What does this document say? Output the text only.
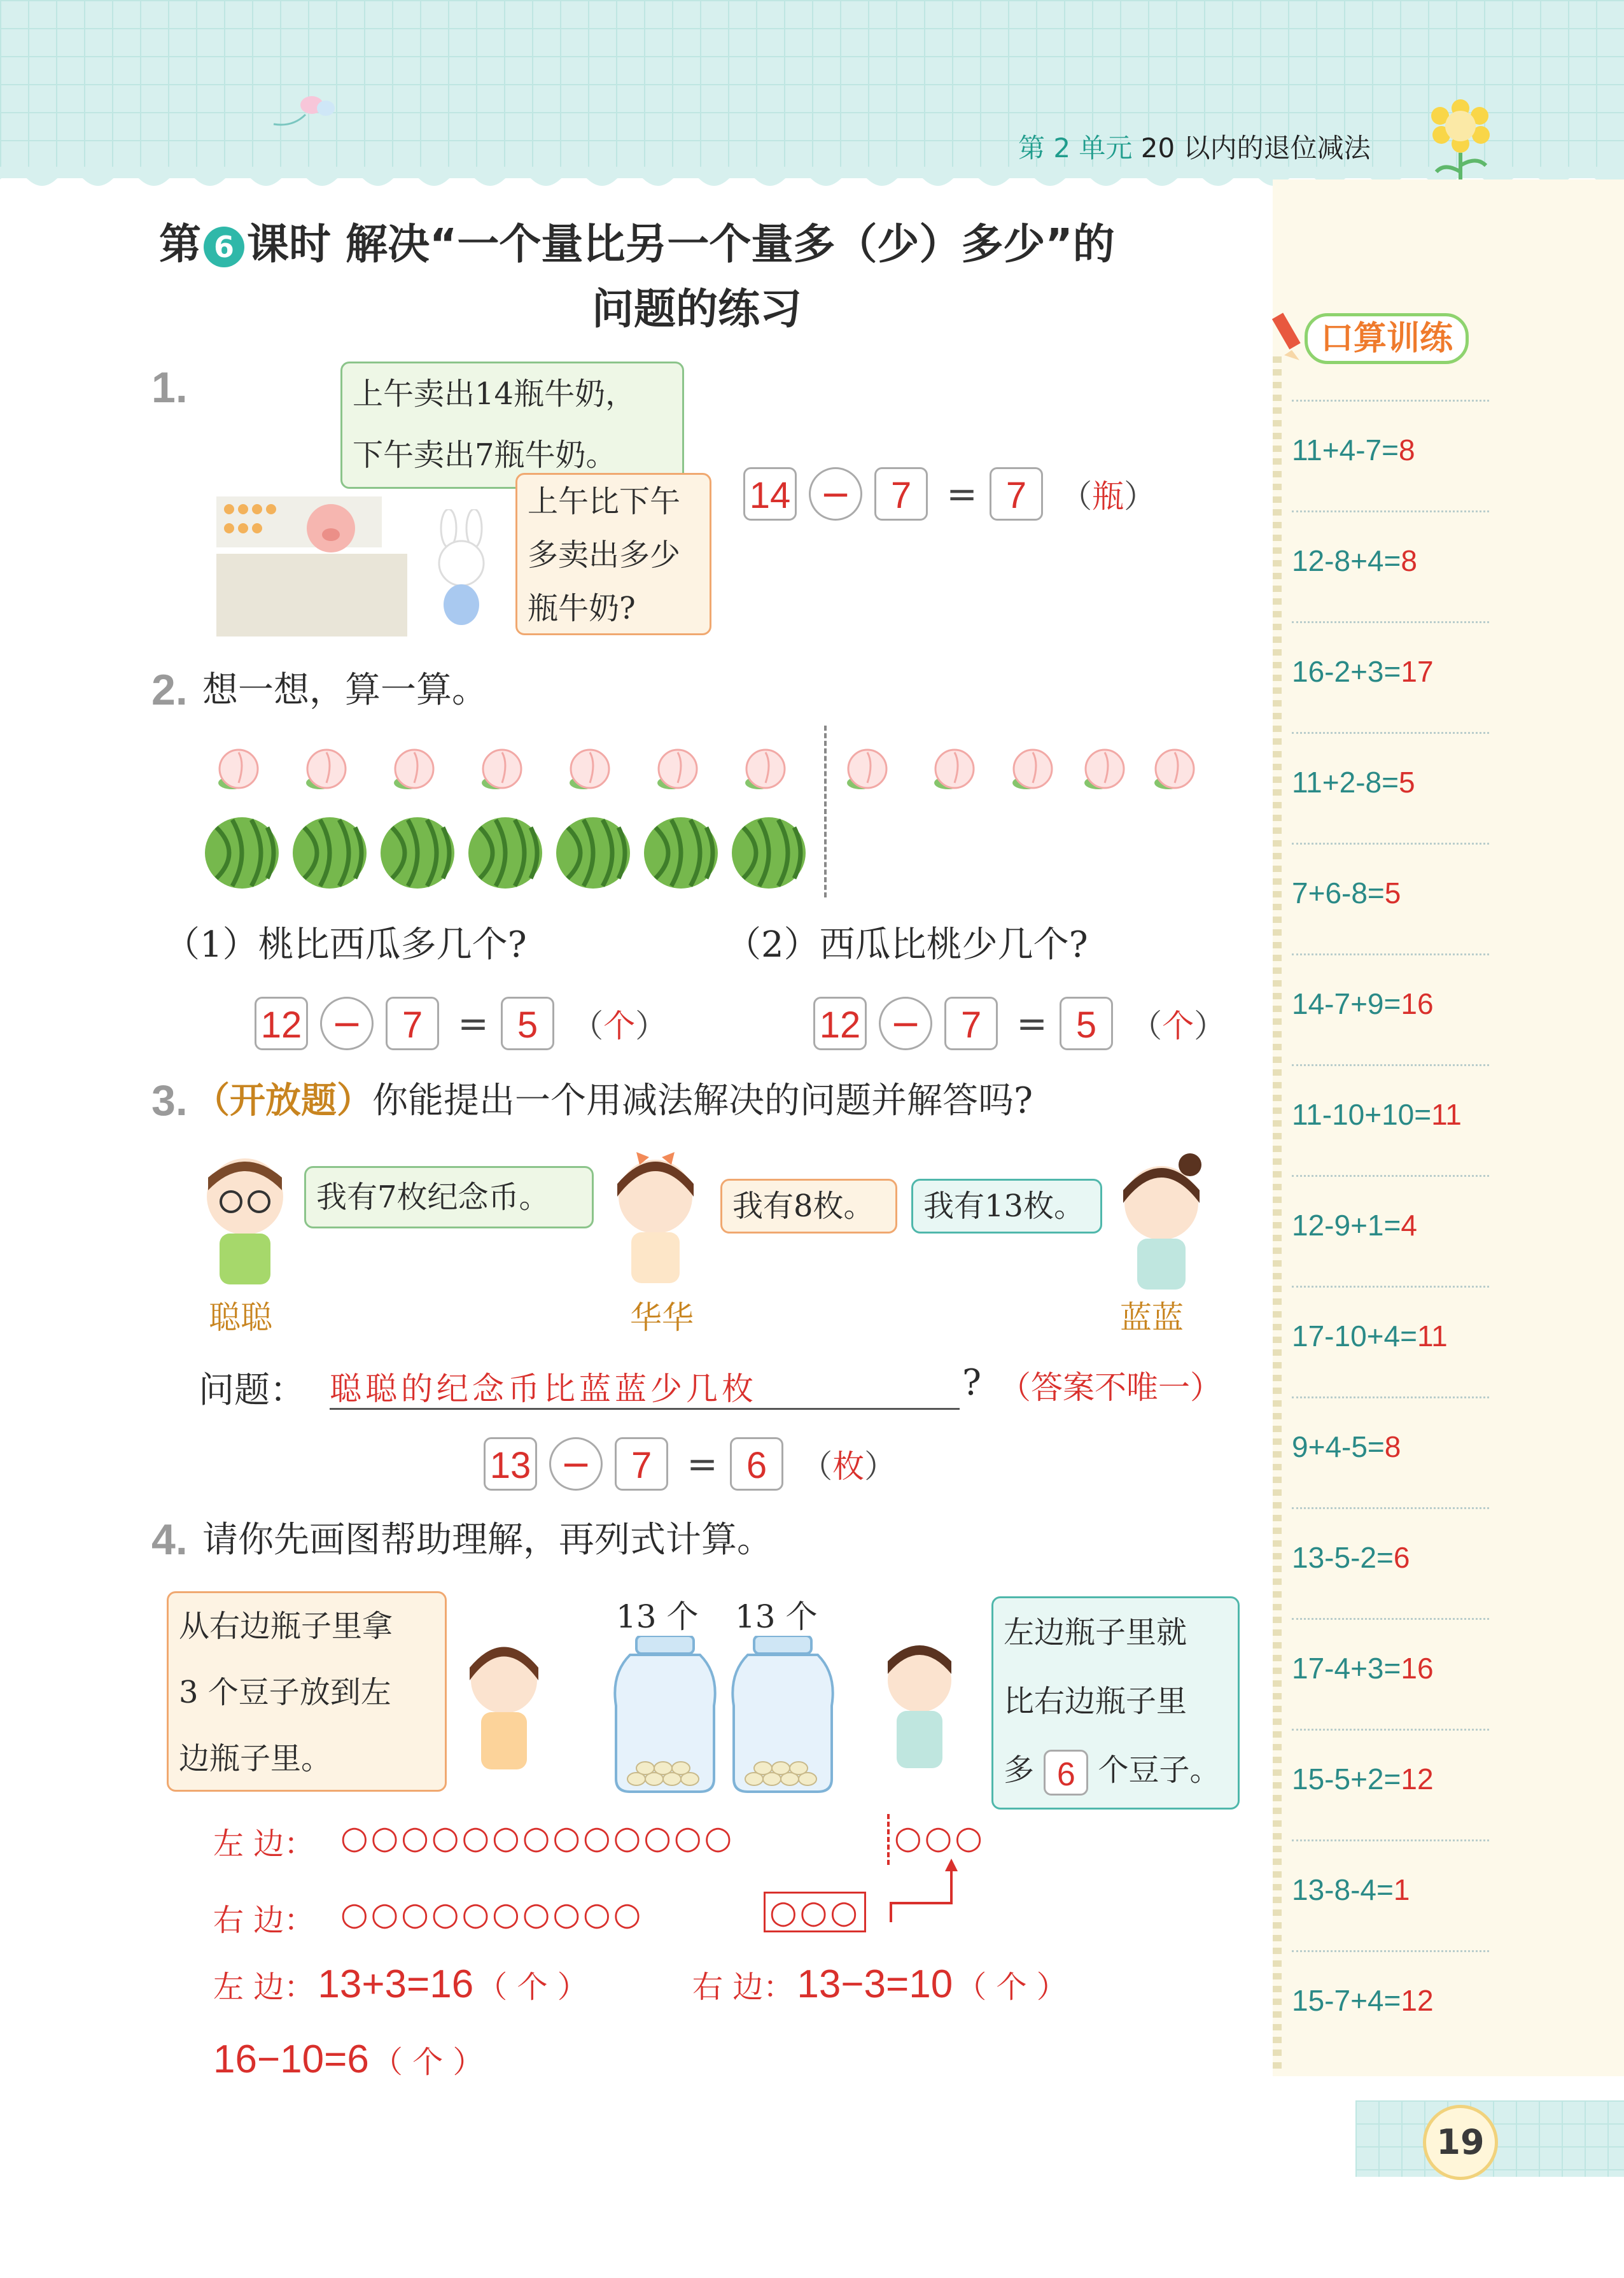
第 2 单元 20 以内的退位减法
口算训练
11+4-7=8
12-8+4=8
16-2+3=17
11+2-8=5
7+6-8=5
14-7+9=16
11-10+10=11
12-9+1=4
17-10+4=11
9+4-5=8
13-5-2=6
17-4+3=16
15-5+2=12
13-8-4=1
15-7+4=12
19
第 6 课时 解决“一个量比另一个量多（少）多少”的
问题的练习
1.	上午卖出14瓶牛奶，
下午卖出7瓶牛奶。
上午比下午
多卖出多少
瓶牛奶?
14 − 7 = 7 （瓶）
2. 想一想，算一算。
（1）桃比西瓜多几个?	（2）西瓜比桃少几个?
12 − 7 = 5 （个）	12 − 7 = 5 （个）
3. （开放题）你能提出一个用减法解决的问题并解答吗?
我有7枚纪念币。
聪聪
我有8枚。
华华
我有13枚。
蓝蓝
问题： 聪聪的纪念币比蓝蓝少几枚	? （答案不唯一）
13 − 7 = 6 （枚）
4. 请你先画图帮助理解，再列式计算。
从右边瓶子里拿
3 个豆子放到左
边瓶子里。
13 个 13 个	左边瓶子里就
比右边瓶子里
多 6 个豆子。
左 边： ○○○○○○○○○○○○○	○○○
右 边： ○○○○○○○○○○	○○○
左 边： 13+3=16 （ 个 ）	右 边： 13−3=10 （ 个 ）
16−10=6 （ 个 ）
